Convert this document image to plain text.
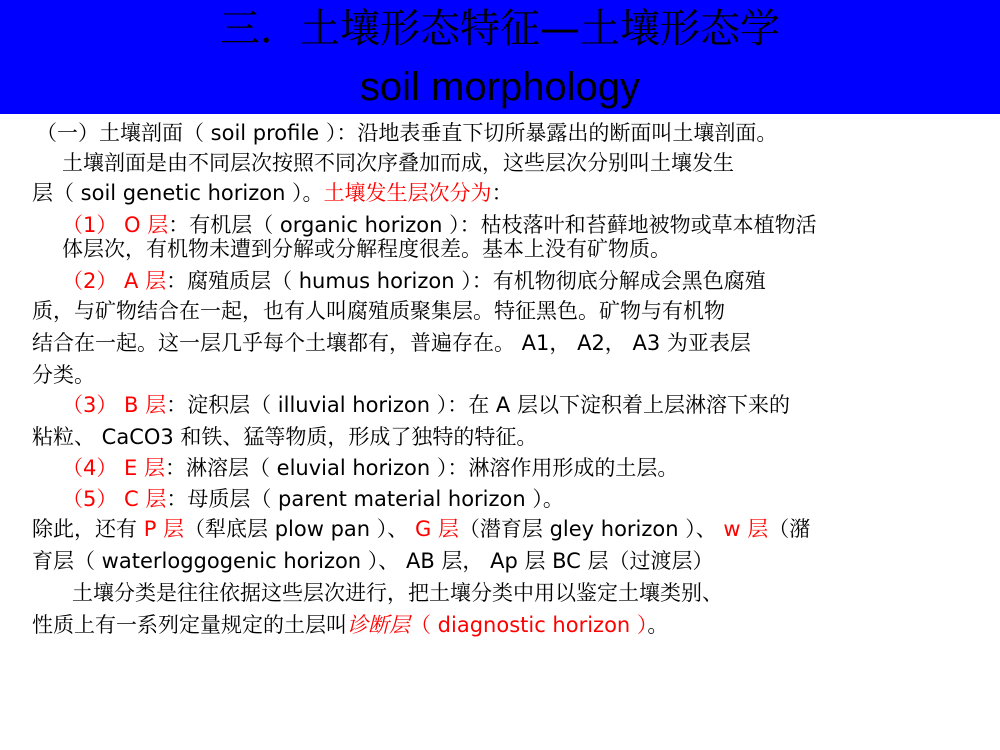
三．土壤形态特征—土壤形态学
soil morphology
（一）土壤剖面（ soil profile ）：沿地表垂直下切所暴露出的断面叫土壤剖面。
土壤剖面是由不同层次按照不同次序叠加而成，这些层次分别叫土壤发生
层（ soil genetic horizon ）。土壤发生层次分为：
（1） O 层：有机层（ organic horizon ）：枯枝落叶和苔藓地被物或草本植物活
体层次，有机物未遭到分解或分解程度很差。基本上没有矿物质。
（2） A 层：腐殖质层（ humus horizon ）：有机物彻底分解成会黑色腐殖
质，与矿物结合在一起，也有人叫腐殖质聚集层。特征黑色。矿物与有机物
结合在一起。这一层几乎每个土壤都有，普遍存在。 A1， A2， A3 为亚表层
分类。
（3） B 层：淀积层（ illuvial horizon ）：在 A 层以下淀积着上层淋溶下来的
粘粒、 CaCO3 和铁、猛等物质，形成了独特的特征。
（4） E 层：淋溶层（ eluvial horizon ）：淋溶作用形成的土层。
（5） C 层：母质层（ parent material horizon ）。
除此，还有 P 层（犁底层 plow pan ）、 G 层（潜育层 gley horizon ）、 w 层（潴
育层（ waterloggogenic horizon ）、 AB 层， Ap 层 BC 层（过渡层）
土壤分类是往往依据这些层次进行，把土壤分类中用以鉴定土壤类别、
性质上有一系列定量规定的土层叫诊断层（ diagnostic horizon ）。
